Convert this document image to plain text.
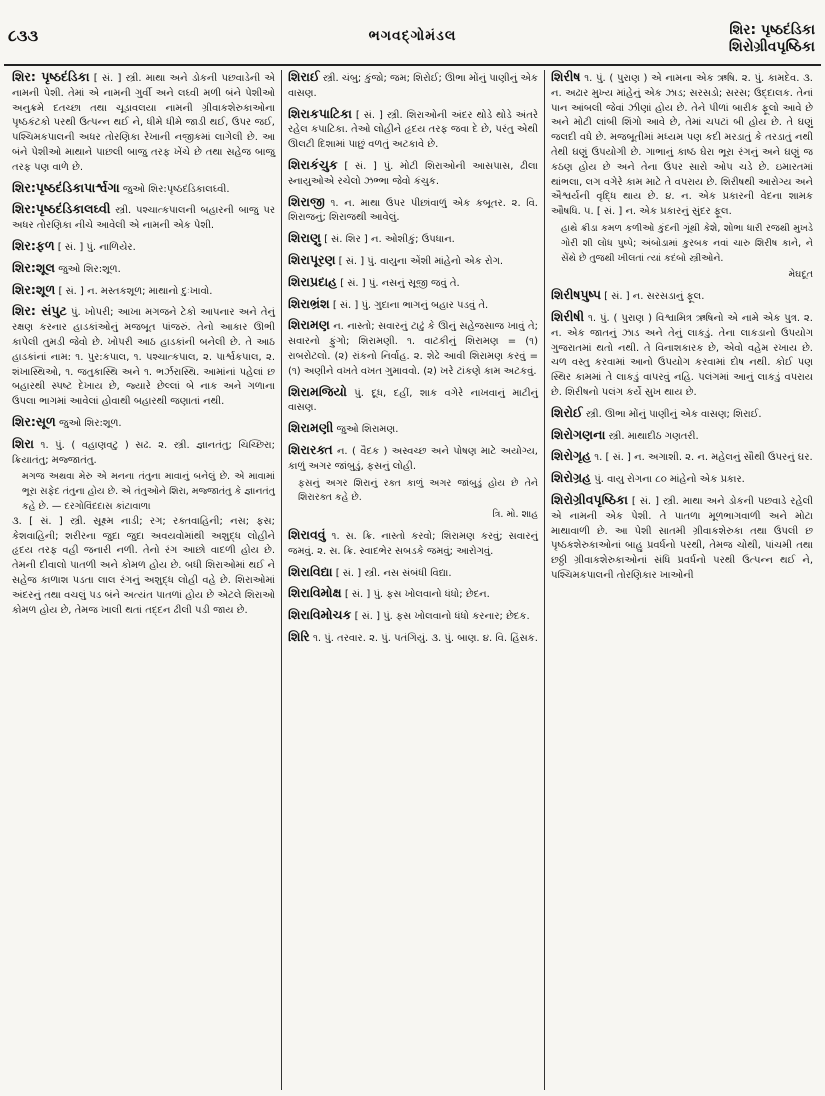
૮૩૩	ભગવદ્ગોમંડલ	શિર: પૃષ્ઠદંડિકા
શિરોગ્રીવપૃષ્ઠિકા

શિર: પૃષ્ઠદંડિકા [ સં. ] સ્ત્રી. માથા અને ડોકની પછવાડેની એ નામની પેશી. તેમાં એ નામની ગુર્વી અને લઘ્વી મળી બંને પેશીઓ અનુક્રમે દતચ્છા તથા ચૂડાવલયા નામની ગ્રીવાકશેરુકાઓના પૃષ્ઠકંટકો પરથી ઉત્પન્ન થઈ ને, ધીમે ધીમે જાડી થઈ, ઉપર જઈ, પશ્ચિમકપાલની અધર તોરણિકા રેખાની નજીકમાં લાગેલી છે. આ બંને પેશીઓ માથાને પાછલી બાજુ તરફ ખેંચે છે તથા સહેજ બાજુ તરફ પણ વાળે છે.

શિર:પૃષ્ઠદંડિકાપાર્શ્વગા જુઓ શિર:પૃષ્ઠદંડિકાલઘ્વી.

શિર:પૃષ્ઠદંડિકાલઘ્વી સ્ત્રી. પશ્ચાત્કપાલની બહારની બાજુ પર અધર તોરણિકા નીચે આવેલી એ નામની એક પેશી.

શિર:ફળ [ સં. ] પું. નાળિયેર.

શિર:શૂલ જુઓ શિર:શૂળ.

શિર:શૂળ [ સં. ] ન. મસ્તકશૂળ; માથાનો દુઃખાવો.

શિર: સંપુટ પું. ખોપરી; આખા મગજને ટેકો આપનાર અને તેનું રક્ષણ કરનાર હાડકાંઓનું મજબૂત પાંજરું. તેનો આકાર ઊભી કાપેલી તુમડી જેવો છે. ખોપરી આઠ હાડકાંની બનેલી છે. તે આઠ હાડકાંનાં નામ: ૧. પુર:કપાલ, ૧. પશ્ચાત્કપાલ, ૨. પાર્શ્વકપાલ, ૨. શંખાસ્થિઓ, ૧. જતુકાસ્થિ અને ૧. ભર્ઝરાસ્થિ. આમાંનાં પહેલાં છ બહારથી સ્પષ્ટ દેખાય છે, જ્યારે છેલ્લાં બે નાક અને ગળાના ઉપલા ભાગમાં આવેલાં હોવાથી બહારથી જણાતાં નથી.

શિર:સૂળ જુઓ શિર:શૂળ.

શિરા ૧. પું. ( વહાણવટુ ) સઢ. ૨. સ્ત્રી. જ્ઞાનતંતુ; ચિચ્છિરા; ક્રિયાતંતુ; મજ્જાતંતુ.
મગજ અથવા મેરુ એ મનના તંતુના માવાનું બનેલું છે. એ માવામાં ભૂરા સફેદ તંતુના હોય છે. એ તંતુઓને શિરા, મજ્જાતંતુ કે જ્ઞાનતંતુ કહે છે. — દરગોવિંદદાસ કાંટાવાળા
૩. [ સં. ] સ્ત્રી. સૂક્ષ્મ નાડી; રગ; રક્તવાહિની; નસ; ફસ; કેશવાહિની; શરીરના જુદા જુદા અવયવોમાંથી અશુદ્ધ લોહીને હૃદય તરફ વહી જનારી નળી. તેનો રંગ આછો વાદળી હોય છે. તેમની દીવાલો પાતળી અને કોમળ હોય છે. બધી શિરાઓમાં થઈ ને સહેજ કાળાશ પડતા લાલ રંગનું અશુદ્ધ લોહી વહે છે. શિરાઓમાં અંદરનું તથા વચલું પડ બંને અત્યંત પાતળાં હોય છે એટલે શિરાઓ કોમળ હોય છે, તેમજ ખાલી થતાં તદ્દન ઢીલી પડી જાય છે.

શિરાઈ સ્ત્રી. ચંબુ; કુંજો; જમ; શિરોઈ; ઊભા મોંનું પાણીનું એક વાસણ.

શિરાકપાટિકા [ સં. ] સ્ત્રી. શિરાઓની અંદર થોડે થોડે અંતરે રહેલ કપાટિકા. તેઓ લોહીને હૃદય તરફ જવા દે છે, પરંતુ એથી ઊલટી દિશામાં પાછું વળતું અટકાવે છે.

શિરાકંચુક [ સં. ] પું. મોટી શિરાઓની આસપાસ, ઢીલા સ્નાયુઓએ રચેલો ઝભ્ભા જેવો કંચુક.

શિરાજી ૧. ન. માથા ઉપર પીછાંવાળું એક કબૂતર. ૨. વિ. શિરાજનું; શિરાજથી આવેલું.

શિરાણુ [ સં. શિર ] ન. ઓશીકું; ઉપધાન.

શિરાપૂરણ [ સં. ] પું. વાયુના એંશી માંહેનો એક રોગ.

શિરાપ્રદાહ [ સં. ] પું. નસનું સૂજી જવું તે.

શિરાભ્રંશ [ સં. ] પું. ગુદાના ભાગનું બહાર પડવું તે.

શિરામણ ન. નાસ્તો; સવારનું ટાઢું કે ઊનું સહેજસાજ ખાવું તે; સવારનો ફુંગો; શિરામણી. ૧. વાટકીનું શિરામણ = (૧) રાબરોટલો. (૨) રાંકનો નિર્વાહ. ૨. શેઢે આવી શિરામણ કરવું = (૧) અણીને વખતે વખત ગુમાવવો. (૨) ખરે ટાંકણે કામ અટકવું.

શિરામજિયો પું. દૂધ, દહીં, શાક વગેરે નાખવાનું માટીનું વાસણ.

શિરામણી જુઓ શિરામણ.

શિરારક્ત ન. ( વૈદક ) અસ્વચ્છ અને પોષણ માટે અયોગ્ય, કાળું અગર જાંબુડું, ફસનું લોહી.
ફસનું અગર શિરાનું રક્ત કાળું અગર જાંબુડું હોય છે તેને શિરારક્ત કહે છે.
ત્રિ. મો. શાહ

શિરાવવું ૧. સ. ક્રિ. નાસ્તો કરવો; શિરામણ કરવું; સવારનું જમવું. ૨. સ. ક્રિ. સ્વાદભેર સબડકે જમવું; આરોગવું.

શિરાવિદ્યા [ સં. ] સ્ત્રી. નસ સંબંધી વિદ્યા.

શિરાવિમોક્ષ [ સં. ] પું. ફસ ખોલવાનો ધંધો; છેદન.

શિરાવિમોચક [ સં. ] પું. ફસ ખોલવાનો ધંધો કરનાર; છેદક.

શિરિ ૧. પું. તરવાર. ૨. પું. પતંગિયું. ૩. પું. બાણ. ૪. વિ. હિંસક.

શિરીષ ૧. પું. ( પુરાણ ) એ નામના એક ઋષિ. ૨. પું. કામદેવ. ૩. ન. અઢાર મુખ્ય માંહેનું એક ઝાડ; સરસડો; સરસ; ઉદ્દાલક. તેનાં પાન આંબલી જેવાં ઝીણાં હોય છે. તેને પીળાં બારીક ફૂલો આવે છે અને મોટી લાંબી શિંગો આવે છે, તેમાં ચપટાં બી હોય છે. તે ઘણું જલદી વધે છે. મજબૂતીમાં મધ્યમ પણ કદી મરડાતું કે તરડાતું નથી તેથી ઘણું ઉપયોગી છે. ગાભાનું કાષ્ઠ ઘેરા ભૂરા રંગનું અને ઘણું જ કઠણ હોય છે અને તેના ઉપર સારો ઓપ ચડે છે. ઇમારતમાં થાંભલા, લગ વગેરે કામ માટે તે વપરાય છે. શિરીષથી આરોગ્ય અને ઐશ્વર્યની વૃદ્ધિ થાય છે. ૪. ન. એક પ્રકારની વેદના શામક ઔષધિ. ૫. [ સં. ] ન. એક પ્રકારનું સુંદર ફૂલ.
હાથે ક્રીડા કમળ કળીઓ કુંદની ગૂંથી કેશે, શોભા ધારી રજથી મુખડે ગોરી શી લોધ પુષ્પે; અંબોડામાં કુરબક નવાં ચારુ શિરીષ કાને, ને સેંથે છે તુજથી ખીલતાં ત્યાં કદંબો સ્ત્રીઓને.
મેઘદૂત

શિરીષપુષ્પ [ સં. ] ન. સરસડાનું ફૂલ.

શિરીષી ૧. પું. ( પુરાણ ) વિશ્વામિત્ર ઋષિનો એ નામે એક પુત્ર. ૨. ન. એક જાતનું ઝાડ અને તેનું લાકડું. તેના લાકડાનો ઉપયોગ ગુજરાતમાં થતો નથી. તે વિનાશકારક છે, એવો વહેમ રખાય છે. ચળ વસ્તુ કરવામાં આનો ઉપયોગ કરવામાં દોષ નથી. કોઈ પણ સ્થિર કામમાં તે લાકડું વાપરવું નહિ. પલંગમાં આનું લાકડું વપરાય છે. શિરીષનો પલંગ કર્યે સુખ થાય છે.

શિરોઈ સ્ત્રી. ઊભા મોંનું પાણીનું એક વાસણ; શિરાઈ.

શિરોગણના સ્ત્રી. માથાદીઠ ગણતરી.

શિરોગૃહ ૧. [ સં. ] ન. અગાશી. ૨. ન. મહેલનું સૌથી ઉપરનું ઘર.

શિરોગ્રહ પું. વાયુ રોગના ૮૦ માંહેનો એક પ્રકાર.

શિરોગ્રીવપૃષ્ઠિકા [ સં. ] સ્ત્રી. માથા અને ડોકની પછવાડે રહેલી એ નામની એક પેશી. તે પાતળા મૂળભાગવાળી અને મોટા માથાવાળી છે. આ પેશી સાતમી ગ્રીવાકશેરુકા તથા ઉપલી છ પૃષ્ઠકશેરુકાઓનાં બાહુ પ્રવર્ધનો પરથી, તેમજ ચોથી, પાંચમી તથા છઠ્ઠી ગ્રીવાકશેરુકાઓનાં સંધિ પ્રવર્ધનો પરથી ઉત્પન્ન થઈ ને, પશ્ચિમકપાલની તોરણિકાર ખાઓની
